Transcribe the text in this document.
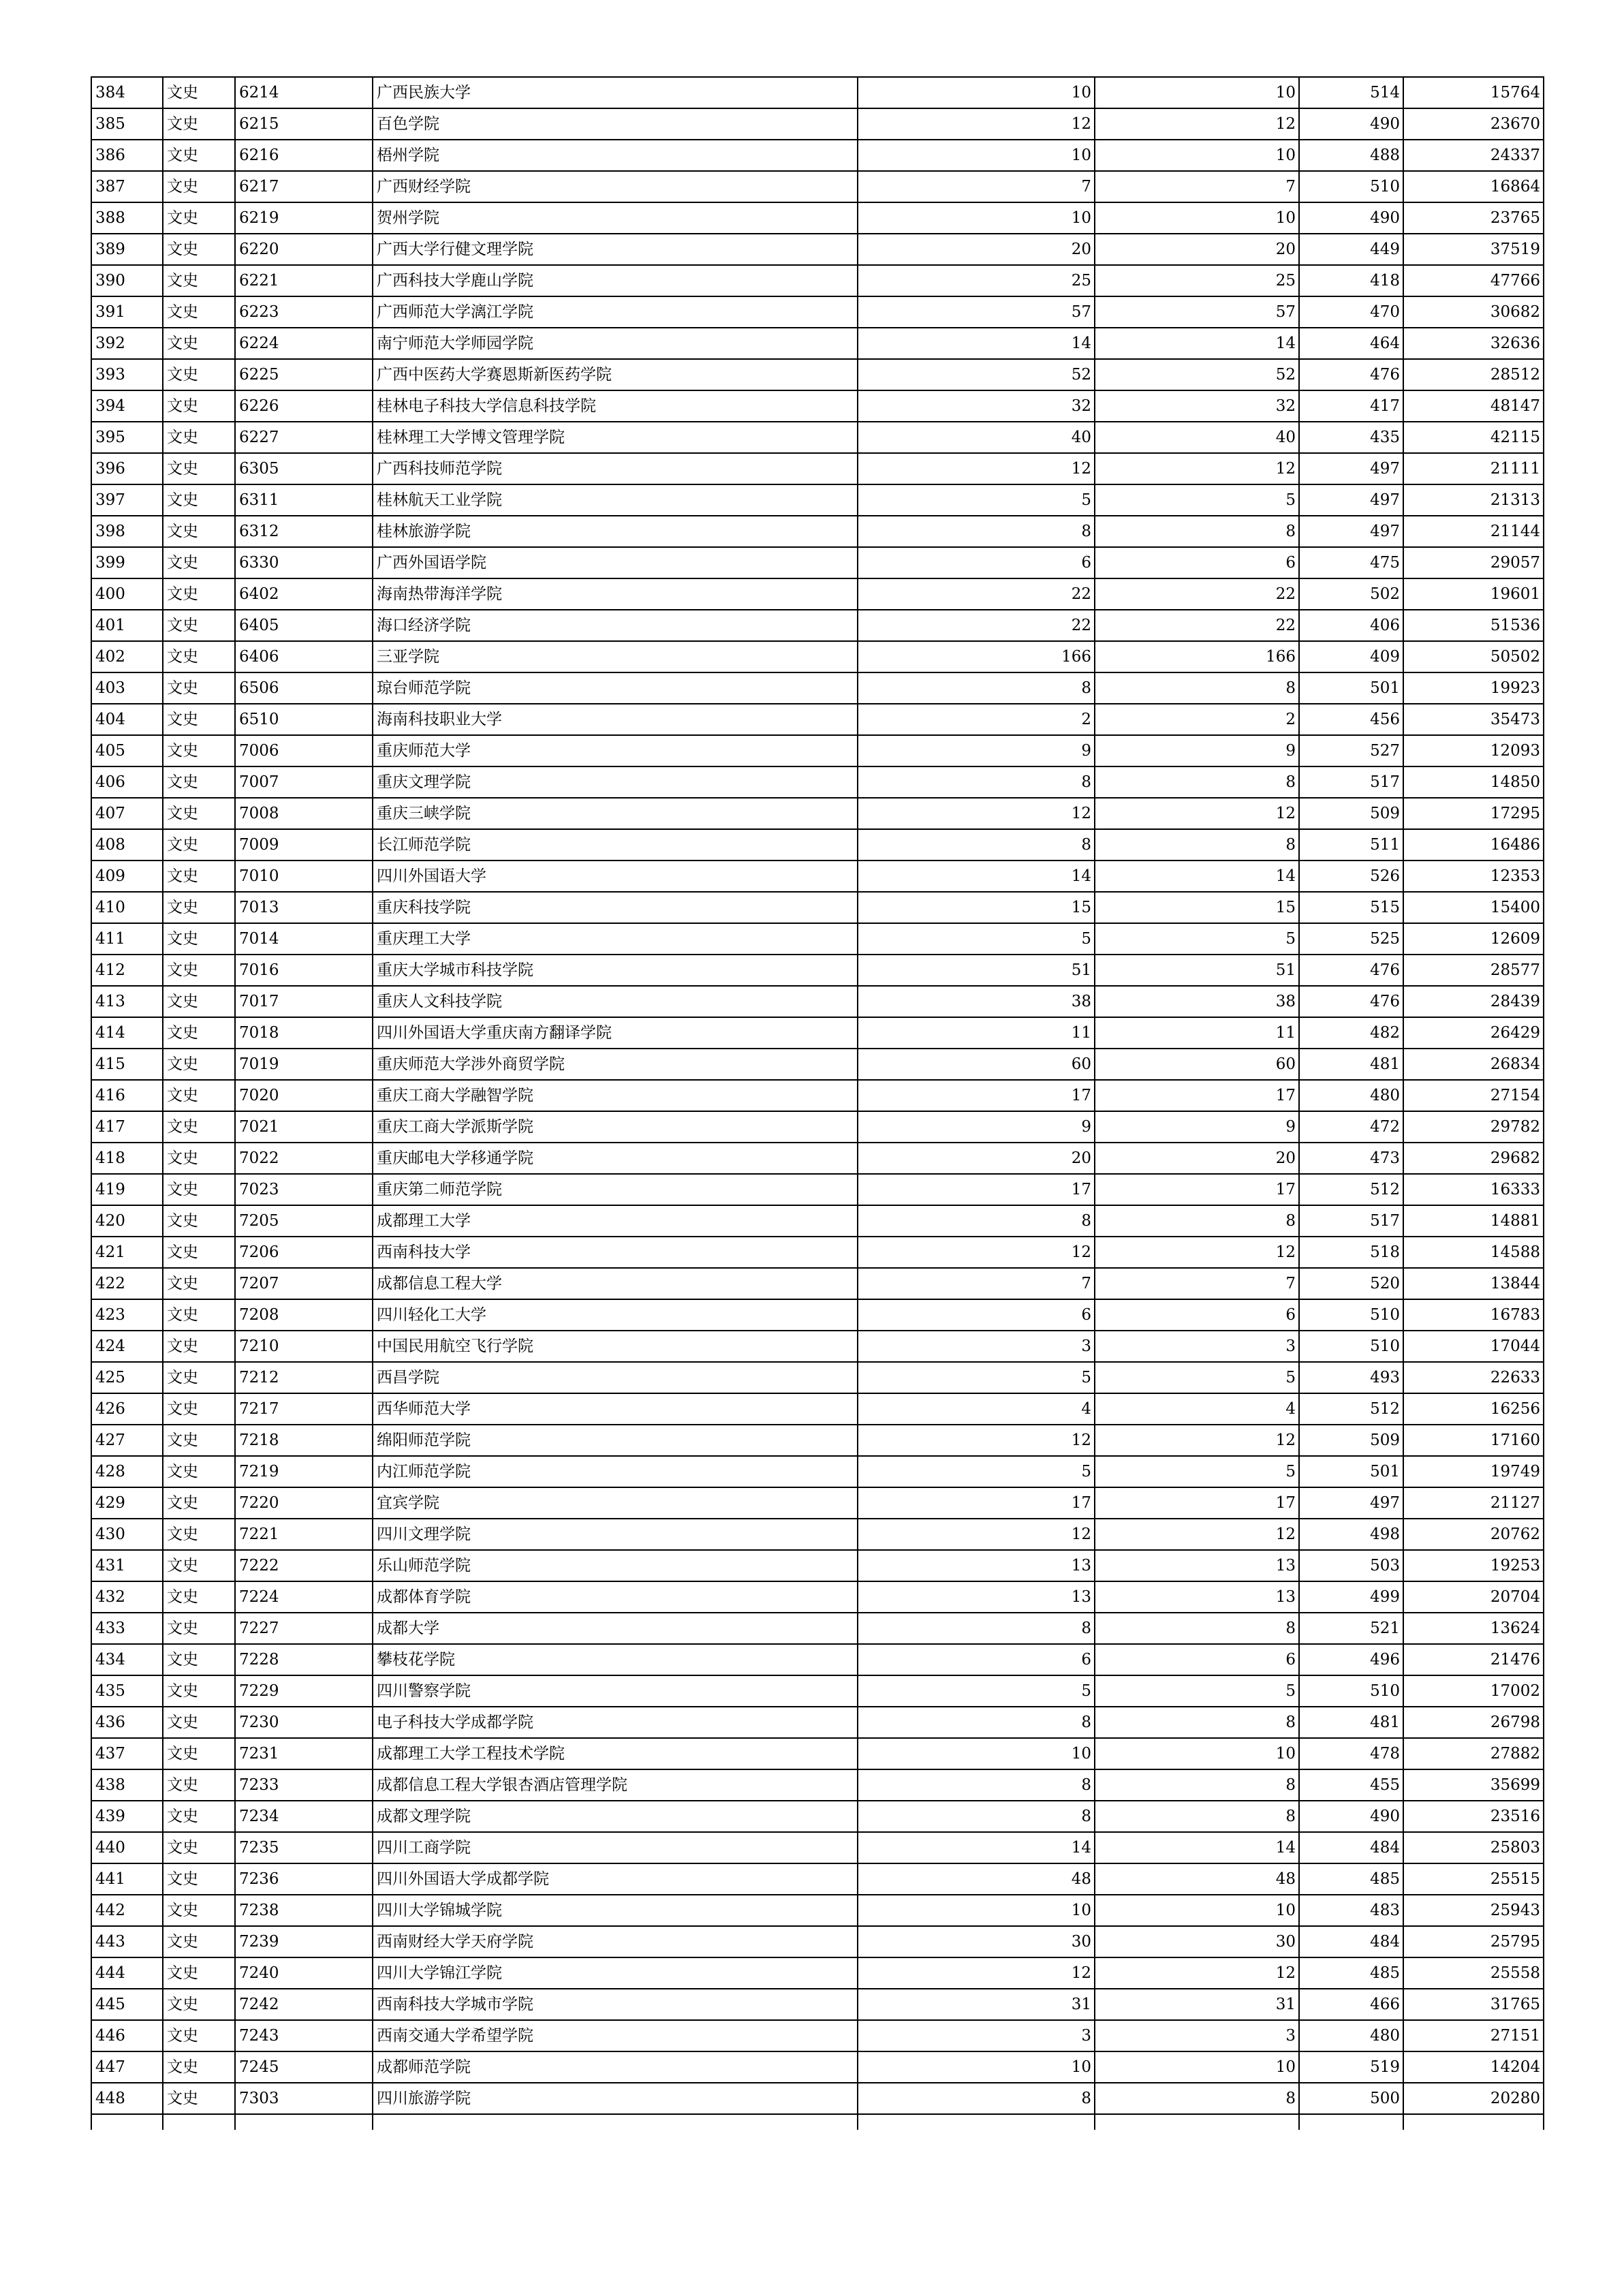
384	文史	6214	广西民族大学	10	10	514	15764
385	文史	6215	百色学院	12	12	490	23670
386	文史	6216	梧州学院	10	10	488	24337
387	文史	6217	广西财经学院	7	7	510	16864
388	文史	6219	贺州学院	10	10	490	23765
389	文史	6220	广西大学行健文理学院	20	20	449	37519
390	文史	6221	广西科技大学鹿山学院	25	25	418	47766
391	文史	6223	广西师范大学漓江学院	57	57	470	30682
392	文史	6224	南宁师范大学师园学院	14	14	464	32636
393	文史	6225	广西中医药大学赛恩斯新医药学院	52	52	476	28512
394	文史	6226	桂林电子科技大学信息科技学院	32	32	417	48147
395	文史	6227	桂林理工大学博文管理学院	40	40	435	42115
396	文史	6305	广西科技师范学院	12	12	497	21111
397	文史	6311	桂林航天工业学院	5	5	497	21313
398	文史	6312	桂林旅游学院	8	8	497	21144
399	文史	6330	广西外国语学院	6	6	475	29057
400	文史	6402	海南热带海洋学院	22	22	502	19601
401	文史	6405	海口经济学院	22	22	406	51536
402	文史	6406	三亚学院	166	166	409	50502
403	文史	6506	琼台师范学院	8	8	501	19923
404	文史	6510	海南科技职业大学	2	2	456	35473
405	文史	7006	重庆师范大学	9	9	527	12093
406	文史	7007	重庆文理学院	8	8	517	14850
407	文史	7008	重庆三峡学院	12	12	509	17295
408	文史	7009	长江师范学院	8	8	511	16486
409	文史	7010	四川外国语大学	14	14	526	12353
410	文史	7013	重庆科技学院	15	15	515	15400
411	文史	7014	重庆理工大学	5	5	525	12609
412	文史	7016	重庆大学城市科技学院	51	51	476	28577
413	文史	7017	重庆人文科技学院	38	38	476	28439
414	文史	7018	四川外国语大学重庆南方翻译学院	11	11	482	26429
415	文史	7019	重庆师范大学涉外商贸学院	60	60	481	26834
416	文史	7020	重庆工商大学融智学院	17	17	480	27154
417	文史	7021	重庆工商大学派斯学院	9	9	472	29782
418	文史	7022	重庆邮电大学移通学院	20	20	473	29682
419	文史	7023	重庆第二师范学院	17	17	512	16333
420	文史	7205	成都理工大学	8	8	517	14881
421	文史	7206	西南科技大学	12	12	518	14588
422	文史	7207	成都信息工程大学	7	7	520	13844
423	文史	7208	四川轻化工大学	6	6	510	16783
424	文史	7210	中国民用航空飞行学院	3	3	510	17044
425	文史	7212	西昌学院	5	5	493	22633
426	文史	7217	西华师范大学	4	4	512	16256
427	文史	7218	绵阳师范学院	12	12	509	17160
428	文史	7219	内江师范学院	5	5	501	19749
429	文史	7220	宜宾学院	17	17	497	21127
430	文史	7221	四川文理学院	12	12	498	20762
431	文史	7222	乐山师范学院	13	13	503	19253
432	文史	7224	成都体育学院	13	13	499	20704
433	文史	7227	成都大学	8	8	521	13624
434	文史	7228	攀枝花学院	6	6	496	21476
435	文史	7229	四川警察学院	5	5	510	17002
436	文史	7230	电子科技大学成都学院	8	8	481	26798
437	文史	7231	成都理工大学工程技术学院	10	10	478	27882
438	文史	7233	成都信息工程大学银杏酒店管理学院	8	8	455	35699
439	文史	7234	成都文理学院	8	8	490	23516
440	文史	7235	四川工商学院	14	14	484	25803
441	文史	7236	四川外国语大学成都学院	48	48	485	25515
442	文史	7238	四川大学锦城学院	10	10	483	25943
443	文史	7239	西南财经大学天府学院	30	30	484	25795
444	文史	7240	四川大学锦江学院	12	12	485	25558
445	文史	7242	西南科技大学城市学院	31	31	466	31765
446	文史	7243	西南交通大学希望学院	3	3	480	27151
447	文史	7245	成都师范学院	10	10	519	14204
448	文史	7303	四川旅游学院	8	8	500	20280
